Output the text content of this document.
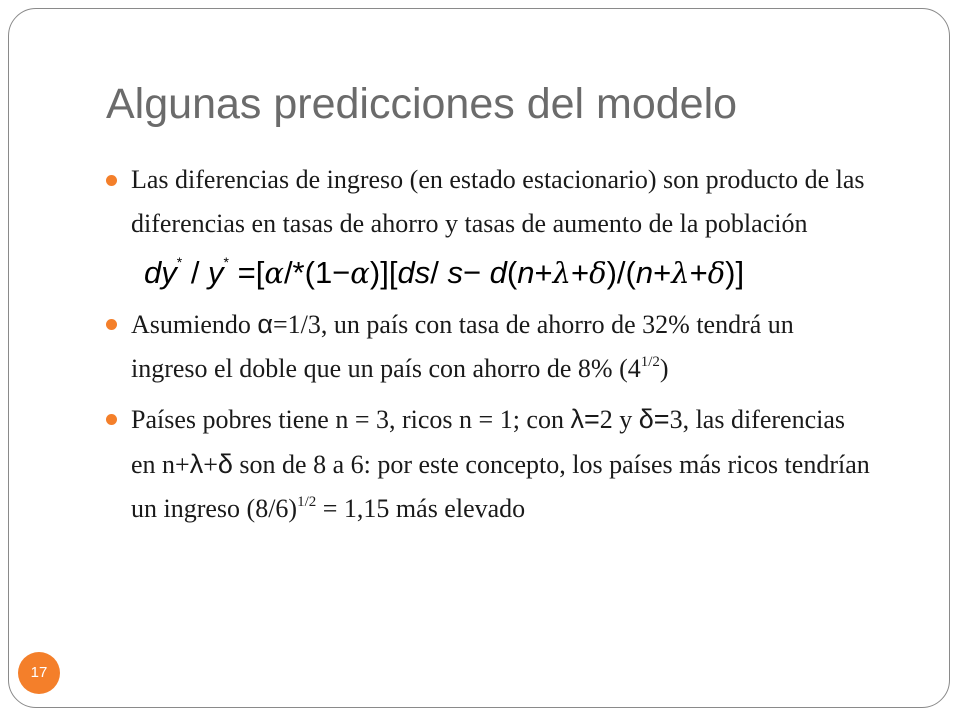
Algunas predicciones del modelo
Las diferencias de ingreso (en estado estacionario) son producto de las diferencias en tasas de ahorro y tasas de aumento de la población
dy* / y* =[α/*(1−α)][ds/ s− d(n+λ+δ)/(n+λ+δ)]
Asumiendo α=1/3, un país con tasa de ahorro de 32% tendrá un ingreso el doble que un país con ahorro de 8% $(4^{1/2})$
Países pobres tiene n = 3, ricos n = 1; con λ=2 y δ=3, las diferencias en n+λ+δ son de 8 a 6: por este concepto, los países más ricos tendrían un ingreso $(8/6)^{1/2} = 1,15$ más elevado
17
